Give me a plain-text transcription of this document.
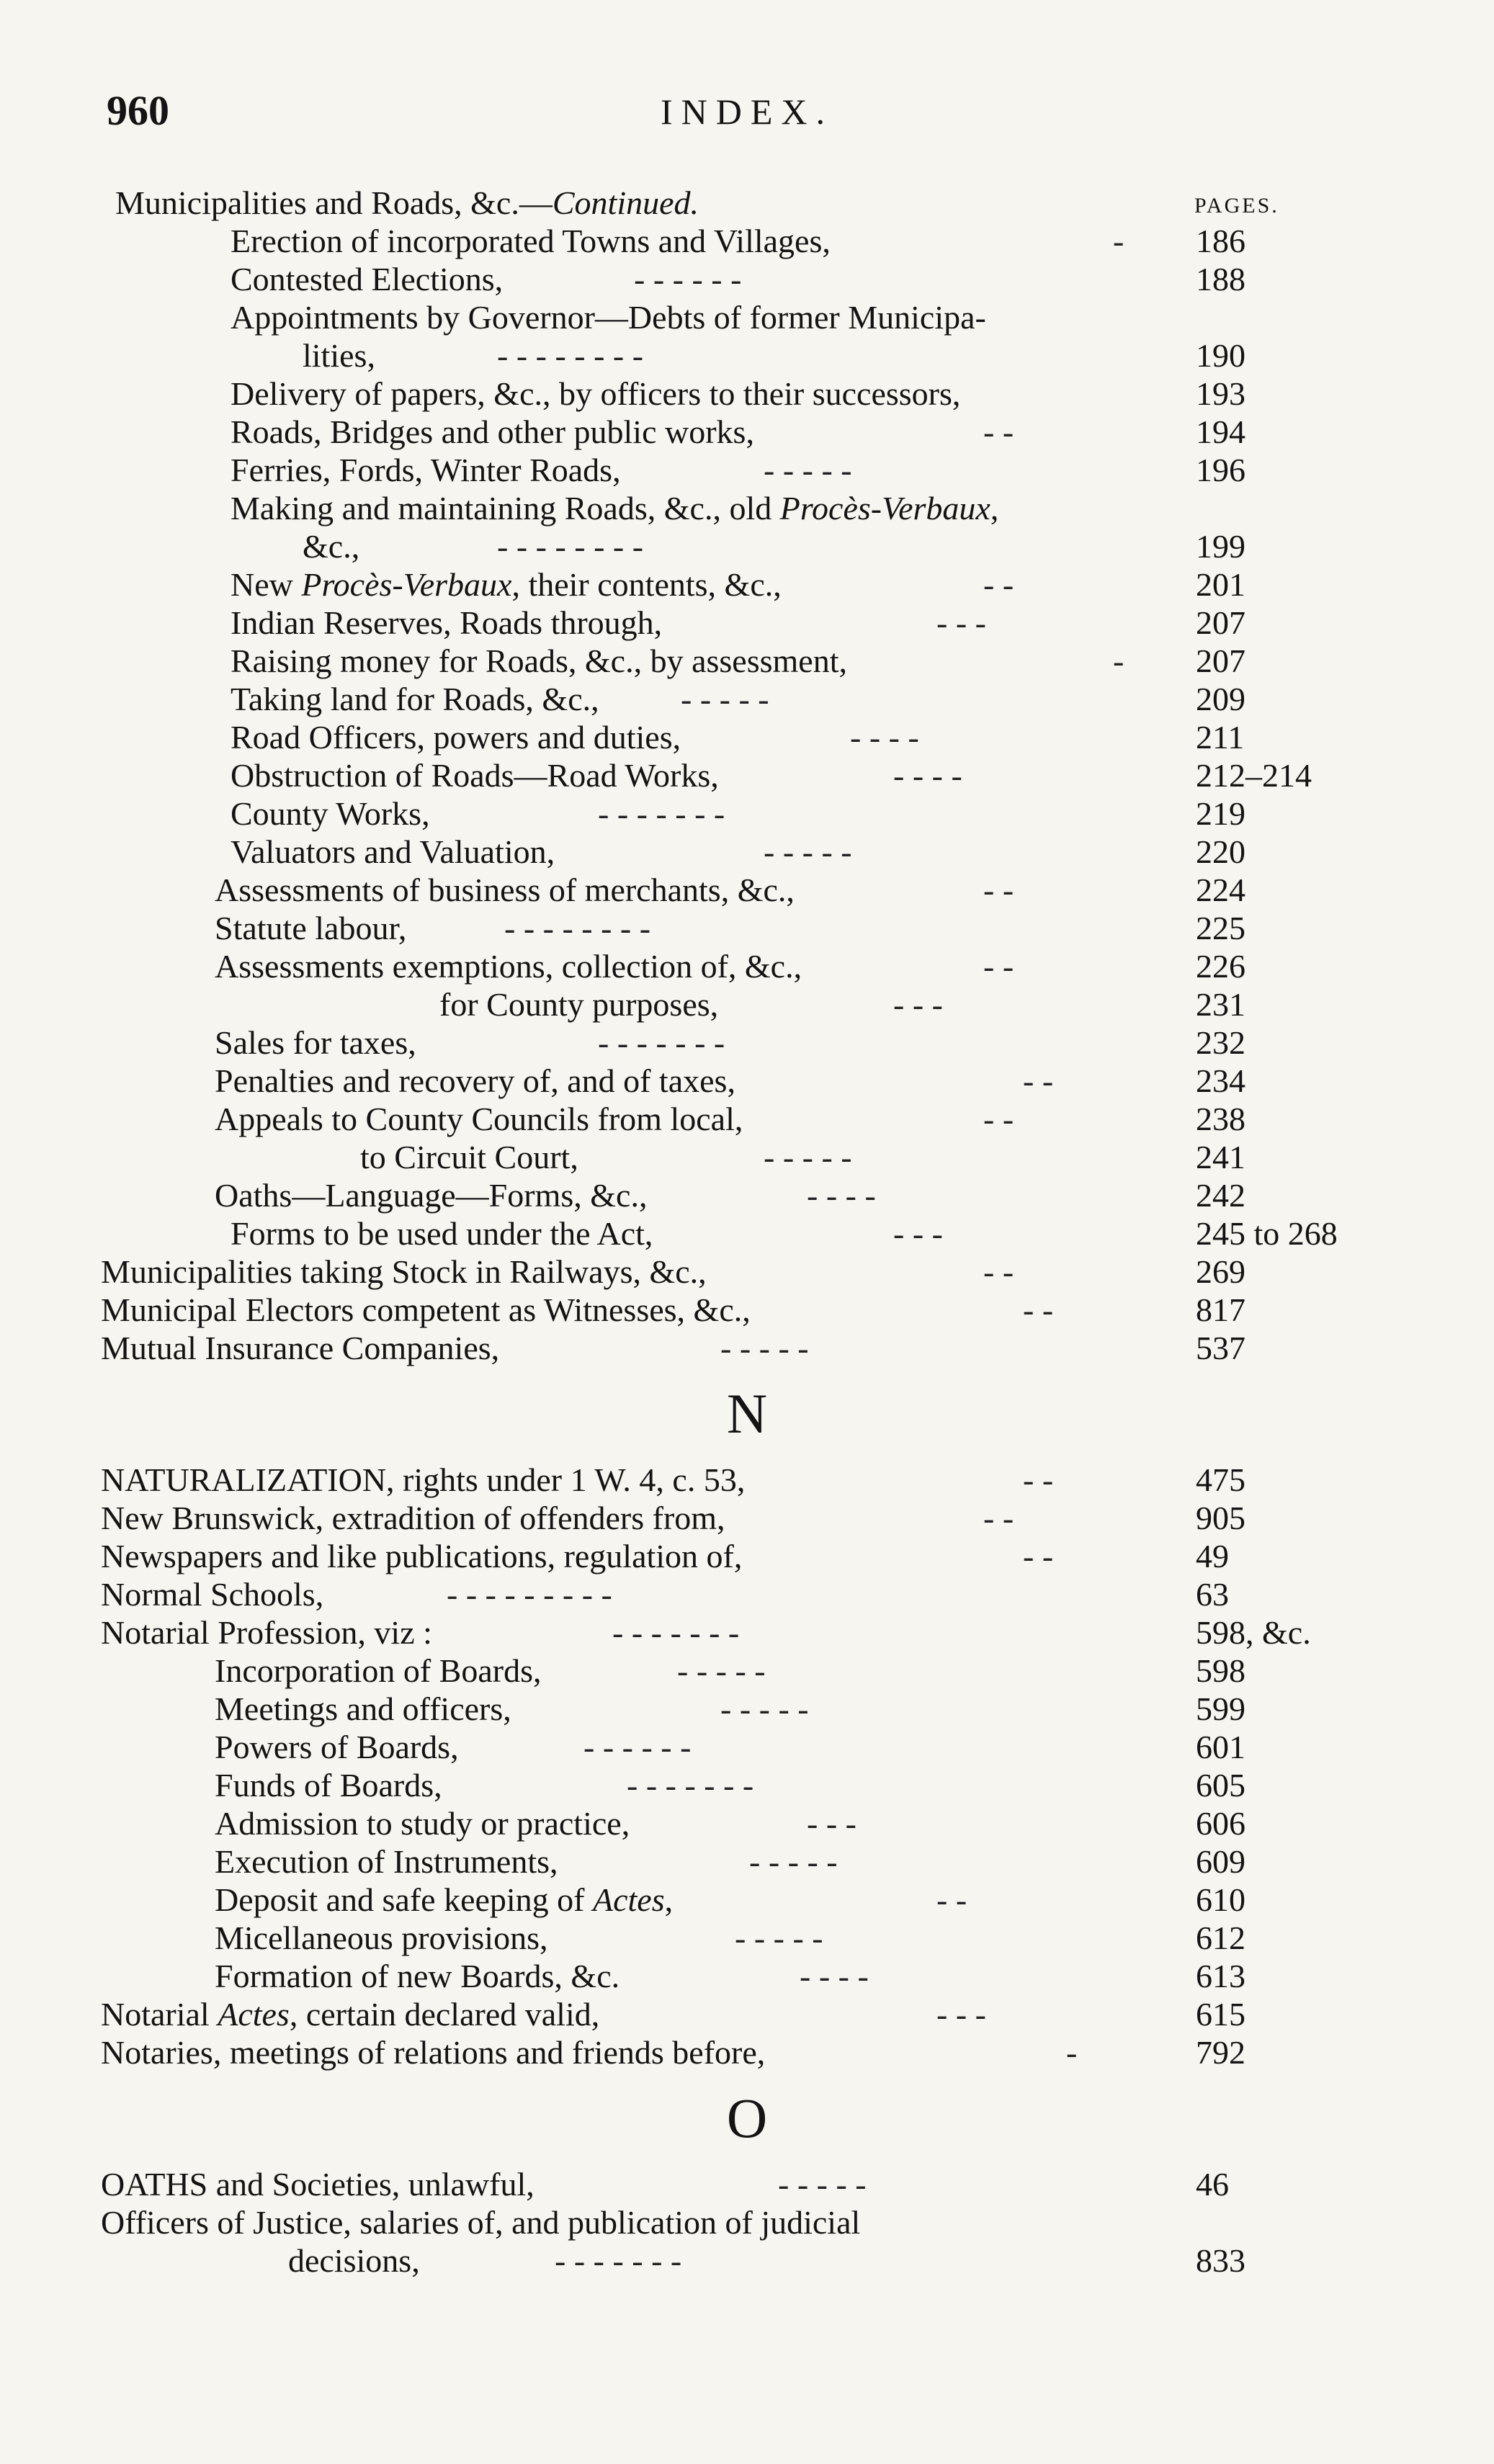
960	INDEX.
Municipalities and Roads, &c.—Continued.	PAGES.
Erection of incorporated Towns and Villages,	- 186
Contested Elections,	- - - - - -	188
Appointments by Governor—Debts of former Municipa-
lities,	- - - - - - - -	190
Delivery of papers, &c., by officers to their successors,	193
Roads, Bridges and other public works,	- -	194
Ferries, Fords, Winter Roads,	- - - - -	196
Making and maintaining Roads, &c., old Procès-Verbaux,
&c.,	- - - - - - - -	199
New Procès-Verbaux, their contents, &c.,	- -	201
Indian Reserves, Roads through,	- - -	207
Raising money for Roads, &c., by assessment,	- 207
Taking land for Roads, &c., - - - - -	209
Road Officers, powers and duties,	- - - -	211
Obstruction of Roads—Road Works,	- - - -	212–214
County Works,	- - - - - - -	219
Valuators and Valuation,	- - - - -	220
Assessments of business of merchants, &c.,	- -	224
Statute labour,	- - - - - - - -	225
Assessments exemptions, collection of, &c.,	- -	226
for County purposes,	- - -	231
Sales for taxes,	- - - - - - -	232
Penalties and recovery of, and of taxes,	- -	234
Appeals to County Councils from local,	- -	238
to Circuit Court,	- - - - -	241
Oaths—Language—Forms, &c.,	- - - -	242
Forms to be used under the Act,	- - -	245 to 268
Municipalities taking Stock in Railways, &c.,	- -	269
Municipal Electors competent as Witnesses, &c.,	- -	817
Mutual Insurance Companies,	- - - - -	537
N
NATURALIZATION, rights under 1 W. 4, c. 53,	- -	475
New Brunswick, extradition of offenders from,	- -	905
Newspapers and like publications, regulation of,	- -	49
Normal Schools,	- - - - - - - - -	63
Notarial Profession, viz :	- - - - - - -	598, &c.
Incorporation of Boards,	- - - - -	598
Meetings and officers,	- - - - -	599
Powers of Boards,	- - - - - -	601
Funds of Boards,	- - - - - - -	605
Admission to study or practice,	- - -	606
Execution of Instruments,	- - - - -	609
Deposit and safe keeping of Actes,	- -	610
Micellaneous provisions,	- - - - -	612
Formation of new Boards, &c.	- - - -	613
Notarial Actes, certain declared valid,	- - -	615
Notaries, meetings of relations and friends before,	-	792
O
OATHS and Societies, unlawful,	- - - - -	46
Officers of Justice, salaries of, and publication of judicial
decisions,	- - - - - - -	833
